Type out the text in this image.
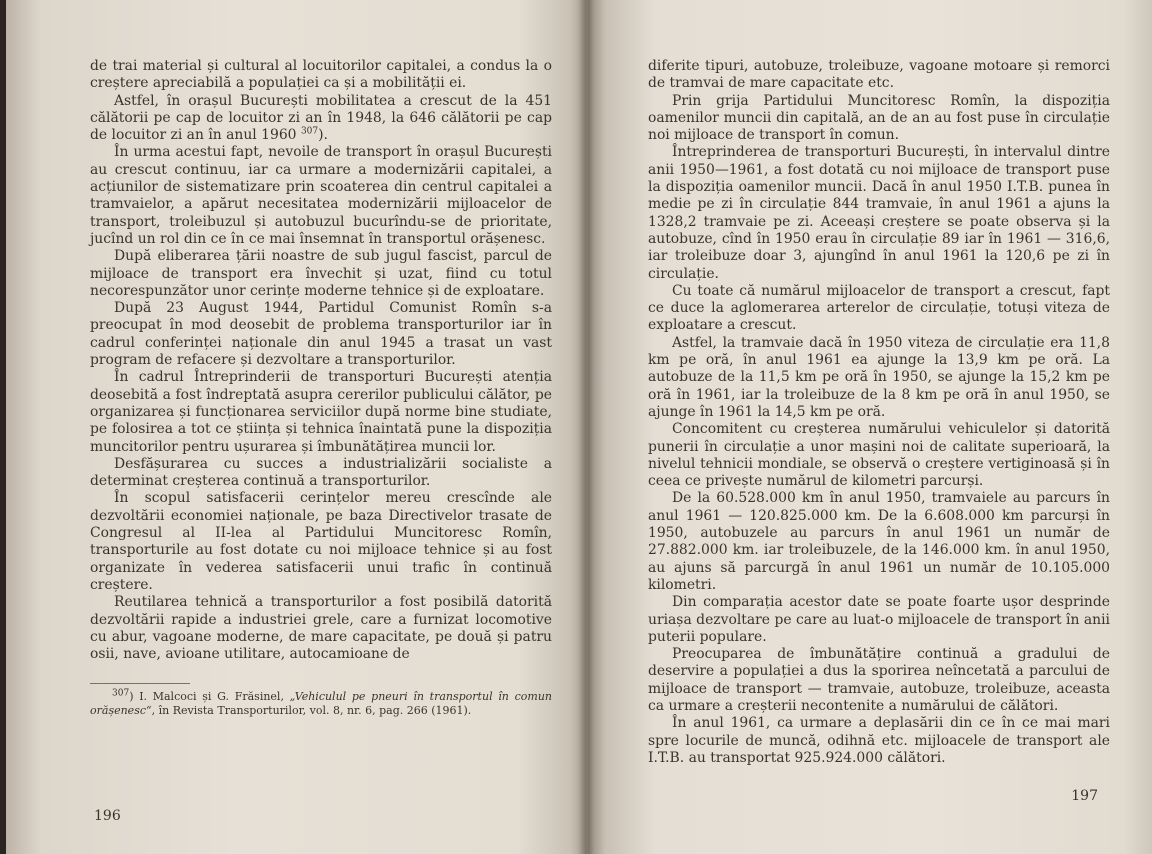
de trai material și cultural al locuitorilor capitalei, a condus la o creștere apreciabilă a populației ca și a mobilității ei.

Astfel, în orașul București mobilitatea a crescut de la 451 călătorii pe cap de locuitor zi an în 1948, la 646 călătorii pe cap de locuitor zi an în anul 1960 $^{307}$).

În urma acestui fapt, nevoile de transport în orașul București au crescut continuu, iar ca urmare a modernizării capitalei, a acțiunilor de sistematizare prin scoaterea din centrul capitalei a tramvaielor, a apărut necesitatea modernizării mijloacelor de transport, troleibuzul și autobuzul bucurîndu-se de prioritate, jucînd un rol din ce în ce mai însemnat în transportul orășenesc.

După eliberarea țării noastre de sub jugul fascist, parcul de mijloace de transport era învechit și uzat, fiind cu totul necorespunzător unor cerințe moderne tehnice și de exploatare.

După 23 August 1944, Partidul Comunist Romîn s-a preocupat în mod deosebit de problema transporturilor iar în cadrul conferinței naționale din anul 1945 a trasat un vast program de refacere și dezvoltare a transporturilor.

În cadrul Întreprinderii de transporturi București atenția deosebită a fost îndreptată asupra cererilor publicului călător, pe organizarea și funcționarea serviciilor după norme bine studiate, pe folosirea a tot ce știința și tehnica înaintată pune la dispoziția muncitorilor pentru ușurarea și îmbunătățirea muncii lor.

Desfășurarea cu succes a industrializării socialiste a determinat creșterea continuă a transporturilor.

În scopul satisfacerii cerințelor mereu crescînde ale dezvoltării economiei naționale, pe baza Directivelor trasate de Congresul al II-lea al Partidului Muncitoresc Romîn, transporturile au fost dotate cu noi mijloace tehnice și au fost organizate în vederea satisfacerii unui trafic în continuă creștere.

Reutilarea tehnică a transporturilor a fost posibilă datorită dezvoltării rapide a industriei grele, care a furnizat locomotive cu abur, vagoane moderne, de mare capacitate, pe două și patru osii, nave, avioane utilitare, autocamioane de

$^{307}$) I. Malcoci și G. Frăsinel, „Vehiculul pe pneuri în transportul în comun orășenesc“, în Revista Transporturilor, vol. 8, nr. 6, pag. 266 (1961).

196

diferite tipuri, autobuze, troleibuze, vagoane motoare și remorci de tramvai de mare capacitate etc.

Prin grija Partidului Muncitoresc Romîn, la dispoziția oamenilor muncii din capitală, an de an au fost puse în circulație noi mijloace de transport în comun.

Întreprinderea de transporturi București, în intervalul dintre anii 1950—1961, a fost dotată cu noi mijloace de transport puse la dispoziția oamenilor muncii. Dacă în anul 1950 I.T.B. punea în medie pe zi în circulație 844 tramvaie, în anul 1961 a ajuns la 1328,2 tramvaie pe zi. Aceeași creștere se poate observa și la autobuze, cînd în 1950 erau în circulație 89 iar în 1961 — 316,6, iar troleibuze doar 3, ajungînd în anul 1961 la 120,6 pe zi în circulație.

Cu toate că numărul mijloacelor de transport a crescut, fapt ce duce la aglomerarea arterelor de circulație, totuși viteza de exploatare a crescut.

Astfel, la tramvaie dacă în 1950 viteza de circulație era 11,8 km pe oră, în anul 1961 ea ajunge la 13,9 km pe oră. La autobuze de la 11,5 km pe oră în 1950, se ajunge la 15,2 km pe oră în 1961, iar la troleibuze de la 8 km pe oră în anul 1950, se ajunge în 1961 la 14,5 km pe oră.

Concomitent cu creșterea numărului vehiculelor și datorită punerii în circulație a unor mașini noi de calitate superioară, la nivelul tehnicii mondiale, se observă o creștere vertiginoasă și în ceea ce privește numărul de kilometri parcurși.

De la 60.528.000 km în anul 1950, tramvaiele au parcurs în anul 1961 — 120.825.000 km. De la 6.608.000 km parcurși în 1950, autobuzele au parcurs în anul 1961 un număr de 27.882.000 km. iar troleibuzele, de la 146.000 km. în anul 1950, au ajuns să parcurgă în anul 1961 un număr de 10.105.000 kilometri.

Din comparația acestor date se poate foarte ușor desprinde uriașa dezvoltare pe care au luat-o mijloacele de transport în anii puterii populare.

Preocuparea de îmbunătățire continuă a gradului de deservire a populației a dus la sporirea neîncetată a parcului de mijloace de transport — tramvaie, autobuze, troleibuze, aceasta ca urmare a creșterii necontenite a numărului de călători.

În anul 1961, ca urmare a deplasării din ce în ce mai mari spre locurile de muncă, odihnă etc. mijloacele de transport ale I.T.B. au transportat 925.924.000 călători.

197
